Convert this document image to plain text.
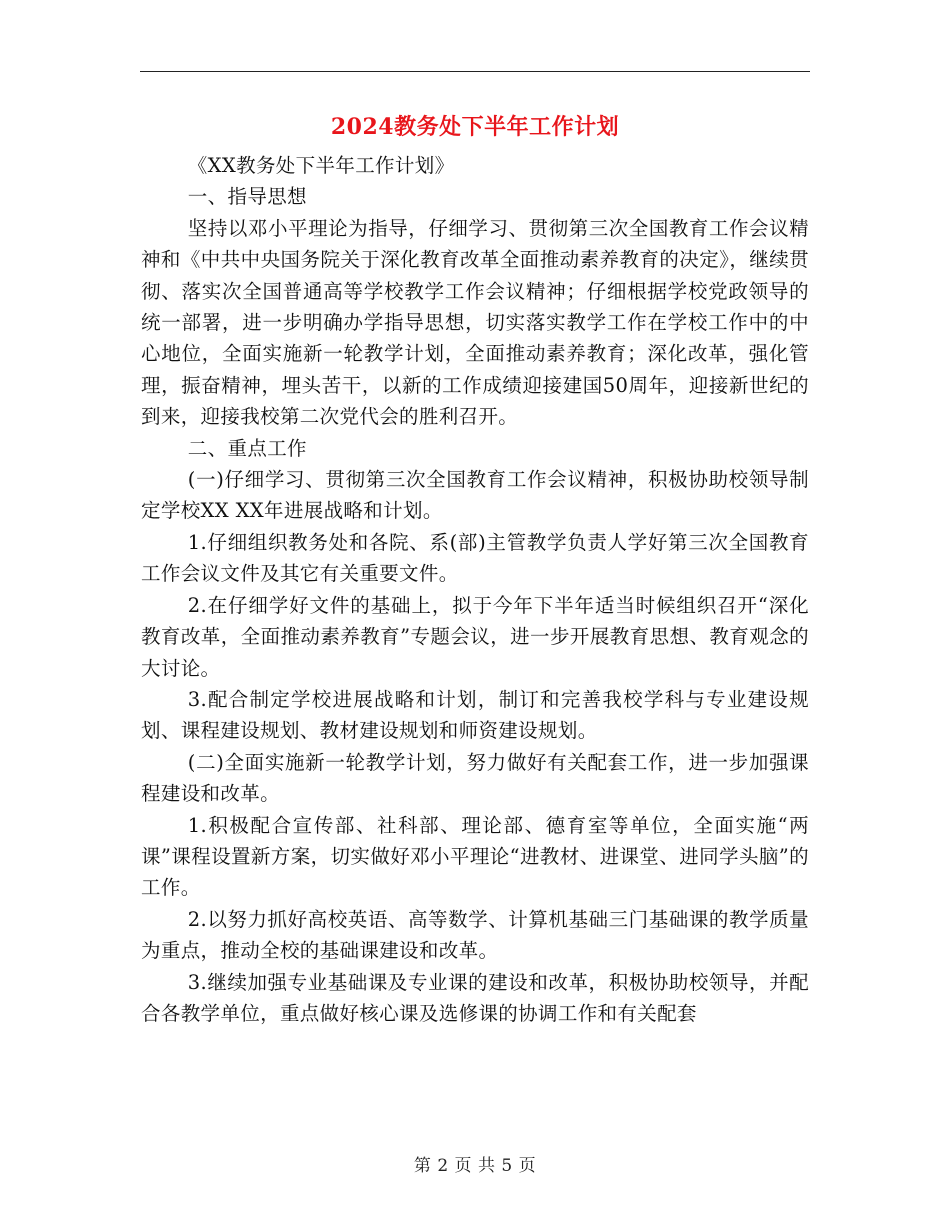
2024教务处下半年工作计划

《XX教务处下半年工作计划》

一、指导思想

坚持以邓小平理论为指导，仔细学习、贯彻第三次全国教育工作会议精神和《中共中央国务院关于深化教育改革全面推动素养教育的决定》，继续贯彻、落实次全国普通高等学校教学工作会议精神；仔细根据学校党政领导的统一部署，进一步明确办学指导思想，切实落实教学工作在学校工作中的中心地位，全面实施新一轮教学计划，全面推动素养教育；深化改革，强化管理，振奋精神，埋头苦干，以新的工作成绩迎接建国50周年，迎接新世纪的到来，迎接我校第二次党代会的胜利召开。

二、重点工作

(一)仔细学习、贯彻第三次全国教育工作会议精神，积极协助校领导制定学校XX XX年进展战略和计划。

1.仔细组织教务处和各院、系(部)主管教学负责人学好第三次全国教育工作会议文件及其它有关重要文件。

2.在仔细学好文件的基础上，拟于今年下半年适当时候组织召开“深化教育改革，全面推动素养教育”专题会议，进一步开展教育思想、教育观念的大讨论。

3.配合制定学校进展战略和计划，制订和完善我校学科与专业建设规划、课程建设规划、教材建设规划和师资建设规划。

(二)全面实施新一轮教学计划，努力做好有关配套工作，进一步加强课程建设和改革。

1.积极配合宣传部、社科部、理论部、德育室等单位，全面实施“两课”课程设置新方案，切实做好邓小平理论“进教材、进课堂、进同学头脑”的工作。

2.以努力抓好高校英语、高等数学、计算机基础三门基础课的教学质量为重点，推动全校的基础课建设和改革。

3.继续加强专业基础课及专业课的建设和改革，积极协助校领导，并配合各教学单位，重点做好核心课及选修课的协调工作和有关配套

第 2 页 共 5 页
